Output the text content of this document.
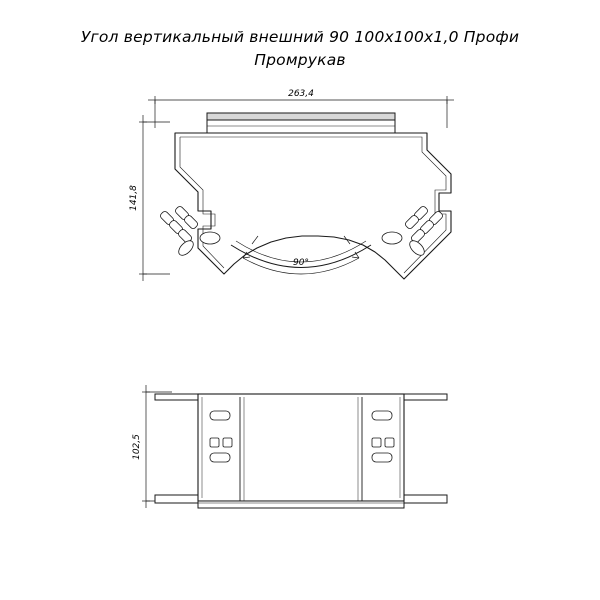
Угол вертикальный внешний 90 100х100х1,0 Профи
Промрукав
263,4
141,8
90°
102,5
